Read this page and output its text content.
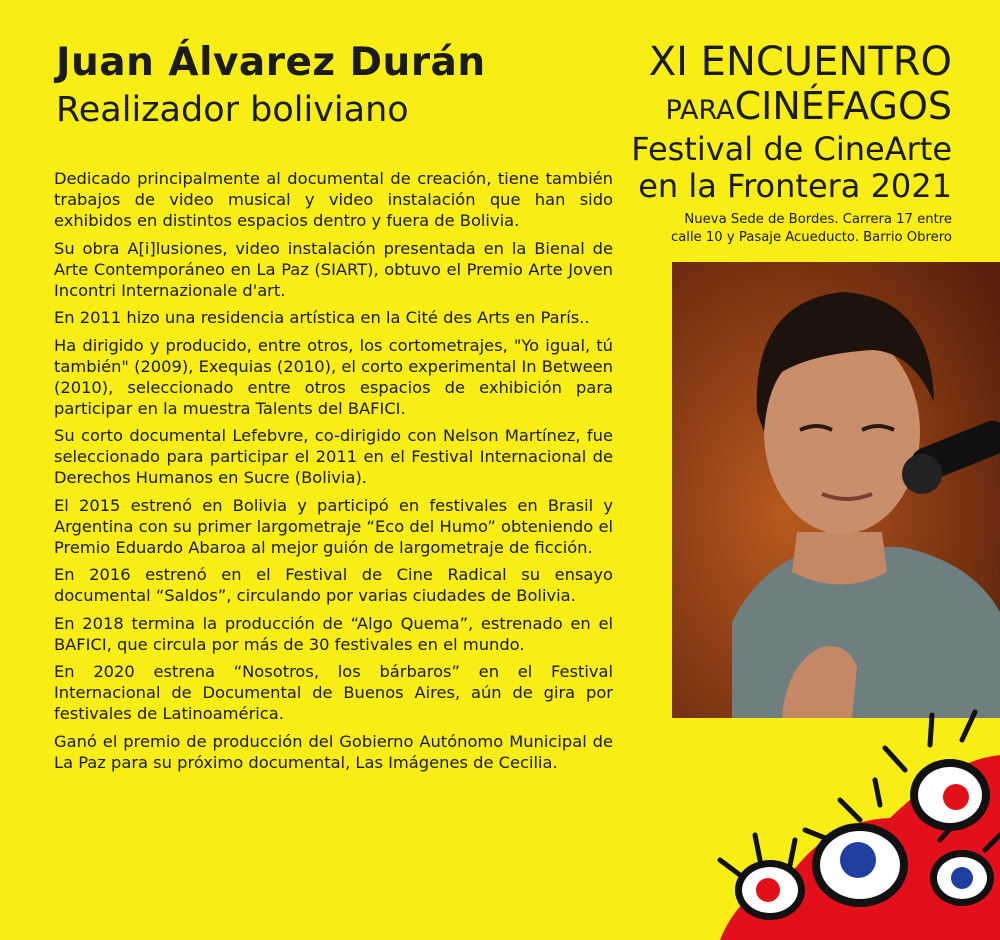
Juan Álvarez Durán
Realizador boliviano

Dedicado principalmente al documental de creación, tiene también trabajos de video musical y video instalación que han sido exhibidos en distintos espacios dentro y fuera de Bolivia.

Su obra A[i]lusiones, video instalación presentada en la Bienal de Arte Contemporáneo en La Paz (SIART), obtuvo el Premio Arte Joven Incontri Internazionale d'art.

En 2011 hizo una residencia artística en la Cité des Arts en París..

Ha dirigido y producido, entre otros, los cortometrajes, "Yo igual, tú también" (2009), Exequias (2010), el corto experimental In Between (2010), seleccionado entre otros espacios de exhibición para participar en la muestra Talents del BAFICI.

Su corto documental Lefebvre, co-dirigido con Nelson Martínez, fue seleccionado para participar el 2011 en el Festival Internacional de Derechos Humanos en Sucre (Bolivia).

El 2015 estrenó en Bolivia y participó en festivales en Brasil y Argentina con su primer largometraje “Eco del Humo” obteniendo el Premio Eduardo Abaroa al mejor guión de largometraje de ficción.

En 2016 estrenó en el Festival de Cine Radical su ensayo documental “Saldos”, circulando por varias ciudades de Bolivia.

En 2018 termina la producción de “Algo Quema”, estrenado en el BAFICI, que circula por más de 30 festivales en el mundo.

En 2020 estrena “Nosotros, los bárbaros” en el Festival Internacional de Documental de Buenos Aires, aún de gira por festivales de Latinoamérica.

Ganó el premio de producción del Gobierno Autónomo Municipal de La Paz para su próximo documental, Las Imágenes de Cecilia.

XI ENCUENTRO
PARACINÉFAGOS
Festival de CineArte
en la Frontera 2021
Nueva Sede de Bordes. Carrera 17 entre
calle 10 y Pasaje Acueducto. Barrio Obrero
